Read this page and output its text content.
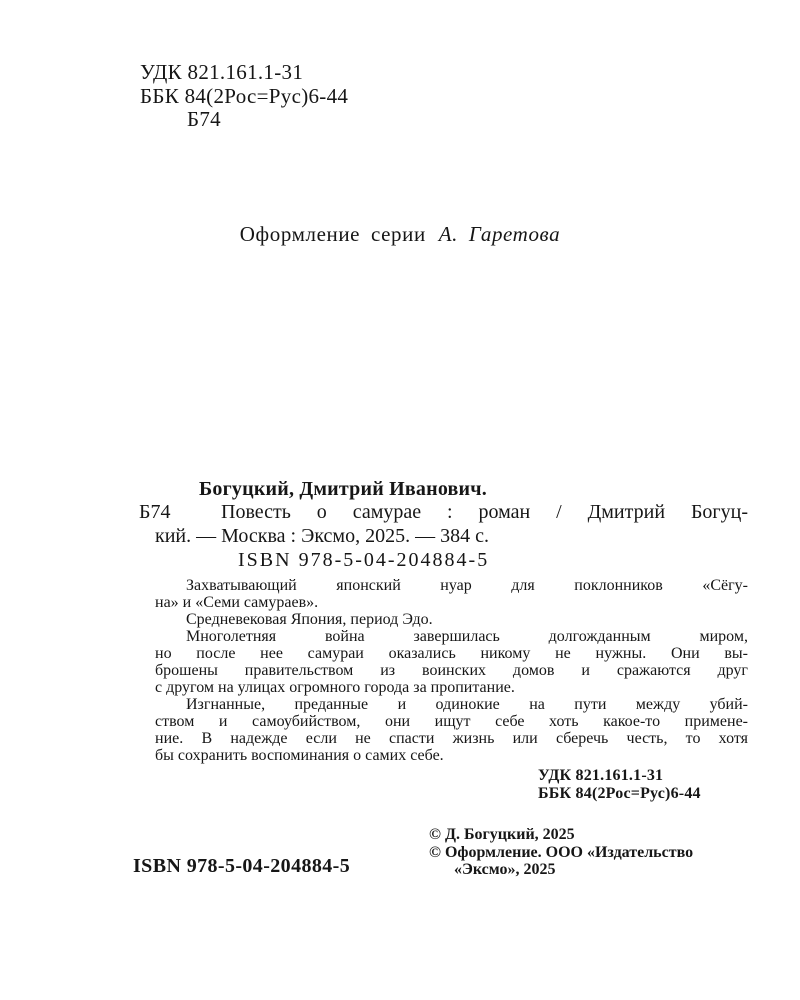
УДК 821.161.1-31
ББК 84(2Рос=Рус)6-44
Б74
Оформление серии А. Гаретова
Богуцкий, Дмитрий Иванович.
Б74	Повесть о самурае : роман / Дмитрий Богуц-
кий. — Москва : Эксмо, 2025. — 384 с.
ISBN 978-5-04-204884-5
Захватывающий японский нуар для поклонников «Сёгу-
на» и «Семи самураев».
Средневековая Япония, период Эдо.
Многолетняя война завершилась долгожданным миром,
но после нее самураи оказались никому не нужны. Они вы-
брошены правительством из воинских домов и сражаются друг
с другом на улицах огромного города за пропитание.
Изгнанные, преданные и одинокие на пути между убий-
ством и самоубийством, они ищут себе хоть какое-то примене-
ние. В надежде если не спасти жизнь или сберечь честь, то хотя
бы сохранить воспоминания о самих себе.
УДК 821.161.1-31
ББК 84(2Рос=Рус)6-44
© Д. Богуцкий, 2025
© Оформление. ООО «Издательство
«Эксмо», 2025
ISBN 978-5-04-204884-5
